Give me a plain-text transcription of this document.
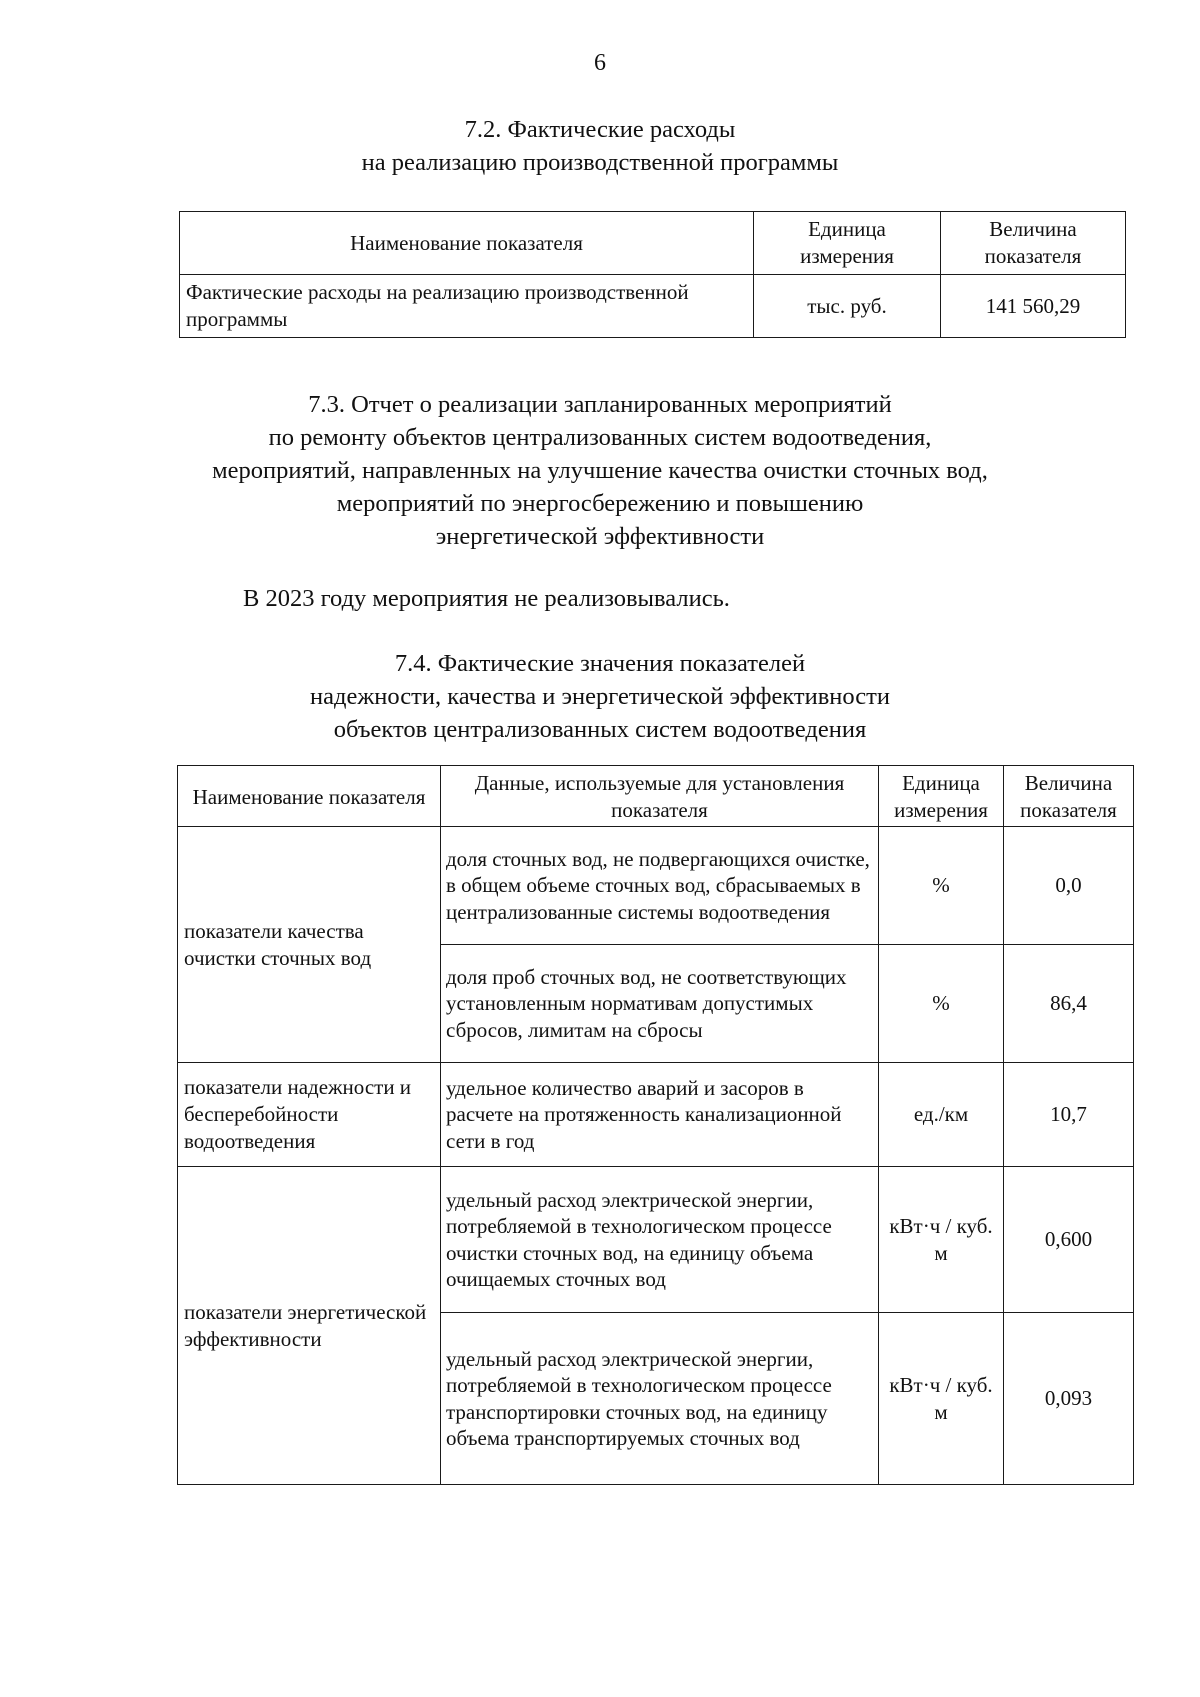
6
7.2. Фактические расходы
на реализацию производственной программы
Наименование показателя	Единица измерения	Величина показателя
Фактические расходы на реализацию производственной программы	тыс. руб.	141 560,29
7.3. Отчет о реализации запланированных мероприятий
по ремонту объектов централизованных систем водоотведения,
мероприятий, направленных на улучшение качества очистки сточных вод,
мероприятий по энергосбережению и повышению
энергетической эффективности
В 2023 году мероприятия не реализовывались.
7.4. Фактические значения показателей
надежности, качества и энергетической эффективности
объектов централизованных систем водоотведения
Наименование показателя	Данные, используемые для установления показателя	Единица измерения	Величина показателя
показатели качества очистки сточных вод	доля сточных вод, не подвергающихся очистке, в общем объеме сточных вод, сбрасываемых в централизованные системы водоотведения	%	0,0
	доля проб сточных вод, не соответствующих установленным нормативам допустимых сбросов, лимитам на сбросы	%	86,4
показатели надежности и бесперебойности водоотведения	удельное количество аварий и засоров в расчете на протяженность канализационной сети в год	ед./км	10,7
показатели энергетической эффективности	удельный расход электрической энергии, потребляемой в технологическом процессе очистки сточных вод, на единицу объема очищаемых сточных вод	кВт·ч / куб. м	0,600
	удельный расход электрической энергии, потребляемой в технологическом процессе транспортировки сточных вод, на единицу объема транспортируемых сточных вод	кВт·ч / куб. м	0,093
